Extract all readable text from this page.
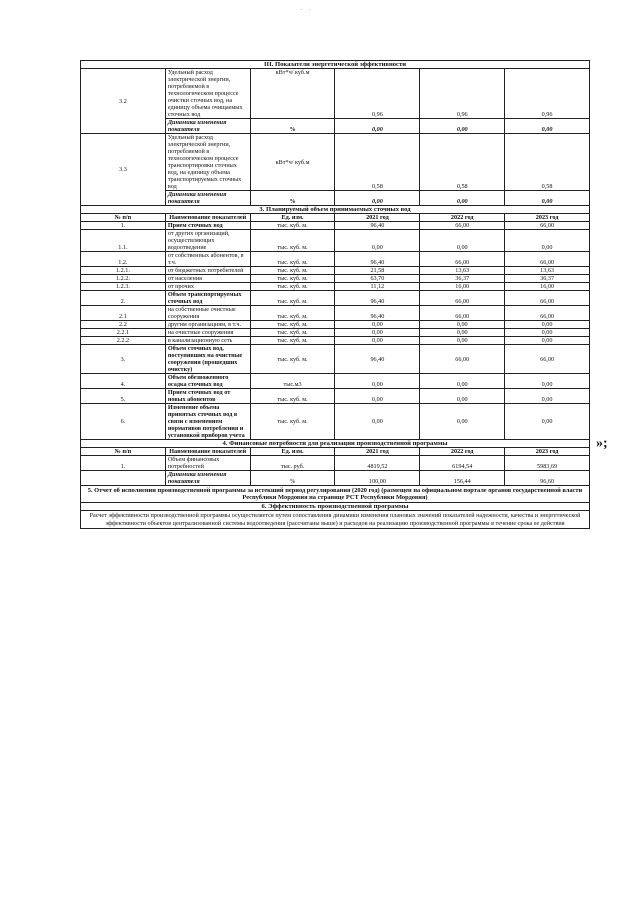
· ·
III. Показатели энергетической эффективности					
3.2	Удельный расход электрической энергии, потребляемой в технологическом процессе очистки сточных вод, на единицу объема очищаемых сточных вод	кВт*ч/ куб.м	0,96	0,96	0,96
	Динамика изменения показателя	%	0,00	0,00	0,00
3.3	Удельный расход электрической энергии, потребляемой в технологическом процессе транспортировки сточных вод, на единицу объема транспортируемых сточных вод	кВт*ч/ куб.м	0,58	0,58	0,58
	Динамика изменения показателя	%	0,00	0,00	0,00
3. Планируемый объем принимаемых сточных вод					
№ п/п	Наименование показателей	Ед. изм.	2021 год	2022 год	2023 год
1.	Прием сточных вод	тыс. куб. м.	96,40	66,00	66,00
1.1.	от других организаций, осуществляющих водоотведение	тыс. куб. м.	0,00	0,00	0,00
1.2.	от собственных абонентов, в т.ч.	тыс. куб. м.	96,40	66,00	66,00
1.2.1.	от бюджетных потребителей	тыс. куб. м.	21,58	13,63	13,63
1.2.2.	от населения	тыс. куб. м.	63,70	36,37	36,37
1.2.3.	от прочих	тыс. куб. м.	11,12	16,00	16,00
2.	Объем транспортируемых сточных вод	тыс. куб. м.	96,40	66,00	66,00
2.1	на собственные очистные сооружения	тыс. куб. м.	96,40	66,00	66,00
2.2	другим организациям, в т.ч.	тыс. куб. м.	0,00	0,00	0,00
2.2.1	на очистные сооружения	тыс. куб. м.	0,00	0,00	0,00
2.2.2	в канализационную сеть	тыс. куб. м.	0,00	0,00	0,00
3.	Объем сточных вод, поступивших на очистные сооружения (прошедших очистку)	тыс. куб. м.	96,40	66,00	66,00
4.	Объем обезвоженного осадка сточных вод	тыс.м3	0,00	0,00	0,00
5.	Прием сточных вод от новых абонентов	тыс. куб. м.	0,00	0,00	0,00
6.	Изменение объема принятых сточных вод в связи с изменением нормативов потребления и установкой приборов учета	тыс. куб. м.	0,00	0,00	0,00
4. Финансовые потребности для реализации производственной программы					
№ п/п	Наименование показателей	Ед. изм.	2021 год	2022 год	2023 год
1.	Объем финансовых потребностей	тыс. руб.	4819,52	6194,54	5983,69
	Динамика изменения показателя	%	100,00	156,44	96,60
5. Отчет об исполнении производственной программы за истекший период регулирования (2020 год) (размещен на официальном портале органов государственной власти Республики Мордовия на странице РСТ Республики Мордовия)					
6. Эффективность производственной программы					
Расчет эффективности производственной программы осуществляется путем сопоставления динамики изменения плановых значений показателей надежности, качества и энергетической эффективности объектов централизованной системы водоотведения (рассчитаны выше) и расходов на реализацию производственной программы в течение срока ее действия
»;
